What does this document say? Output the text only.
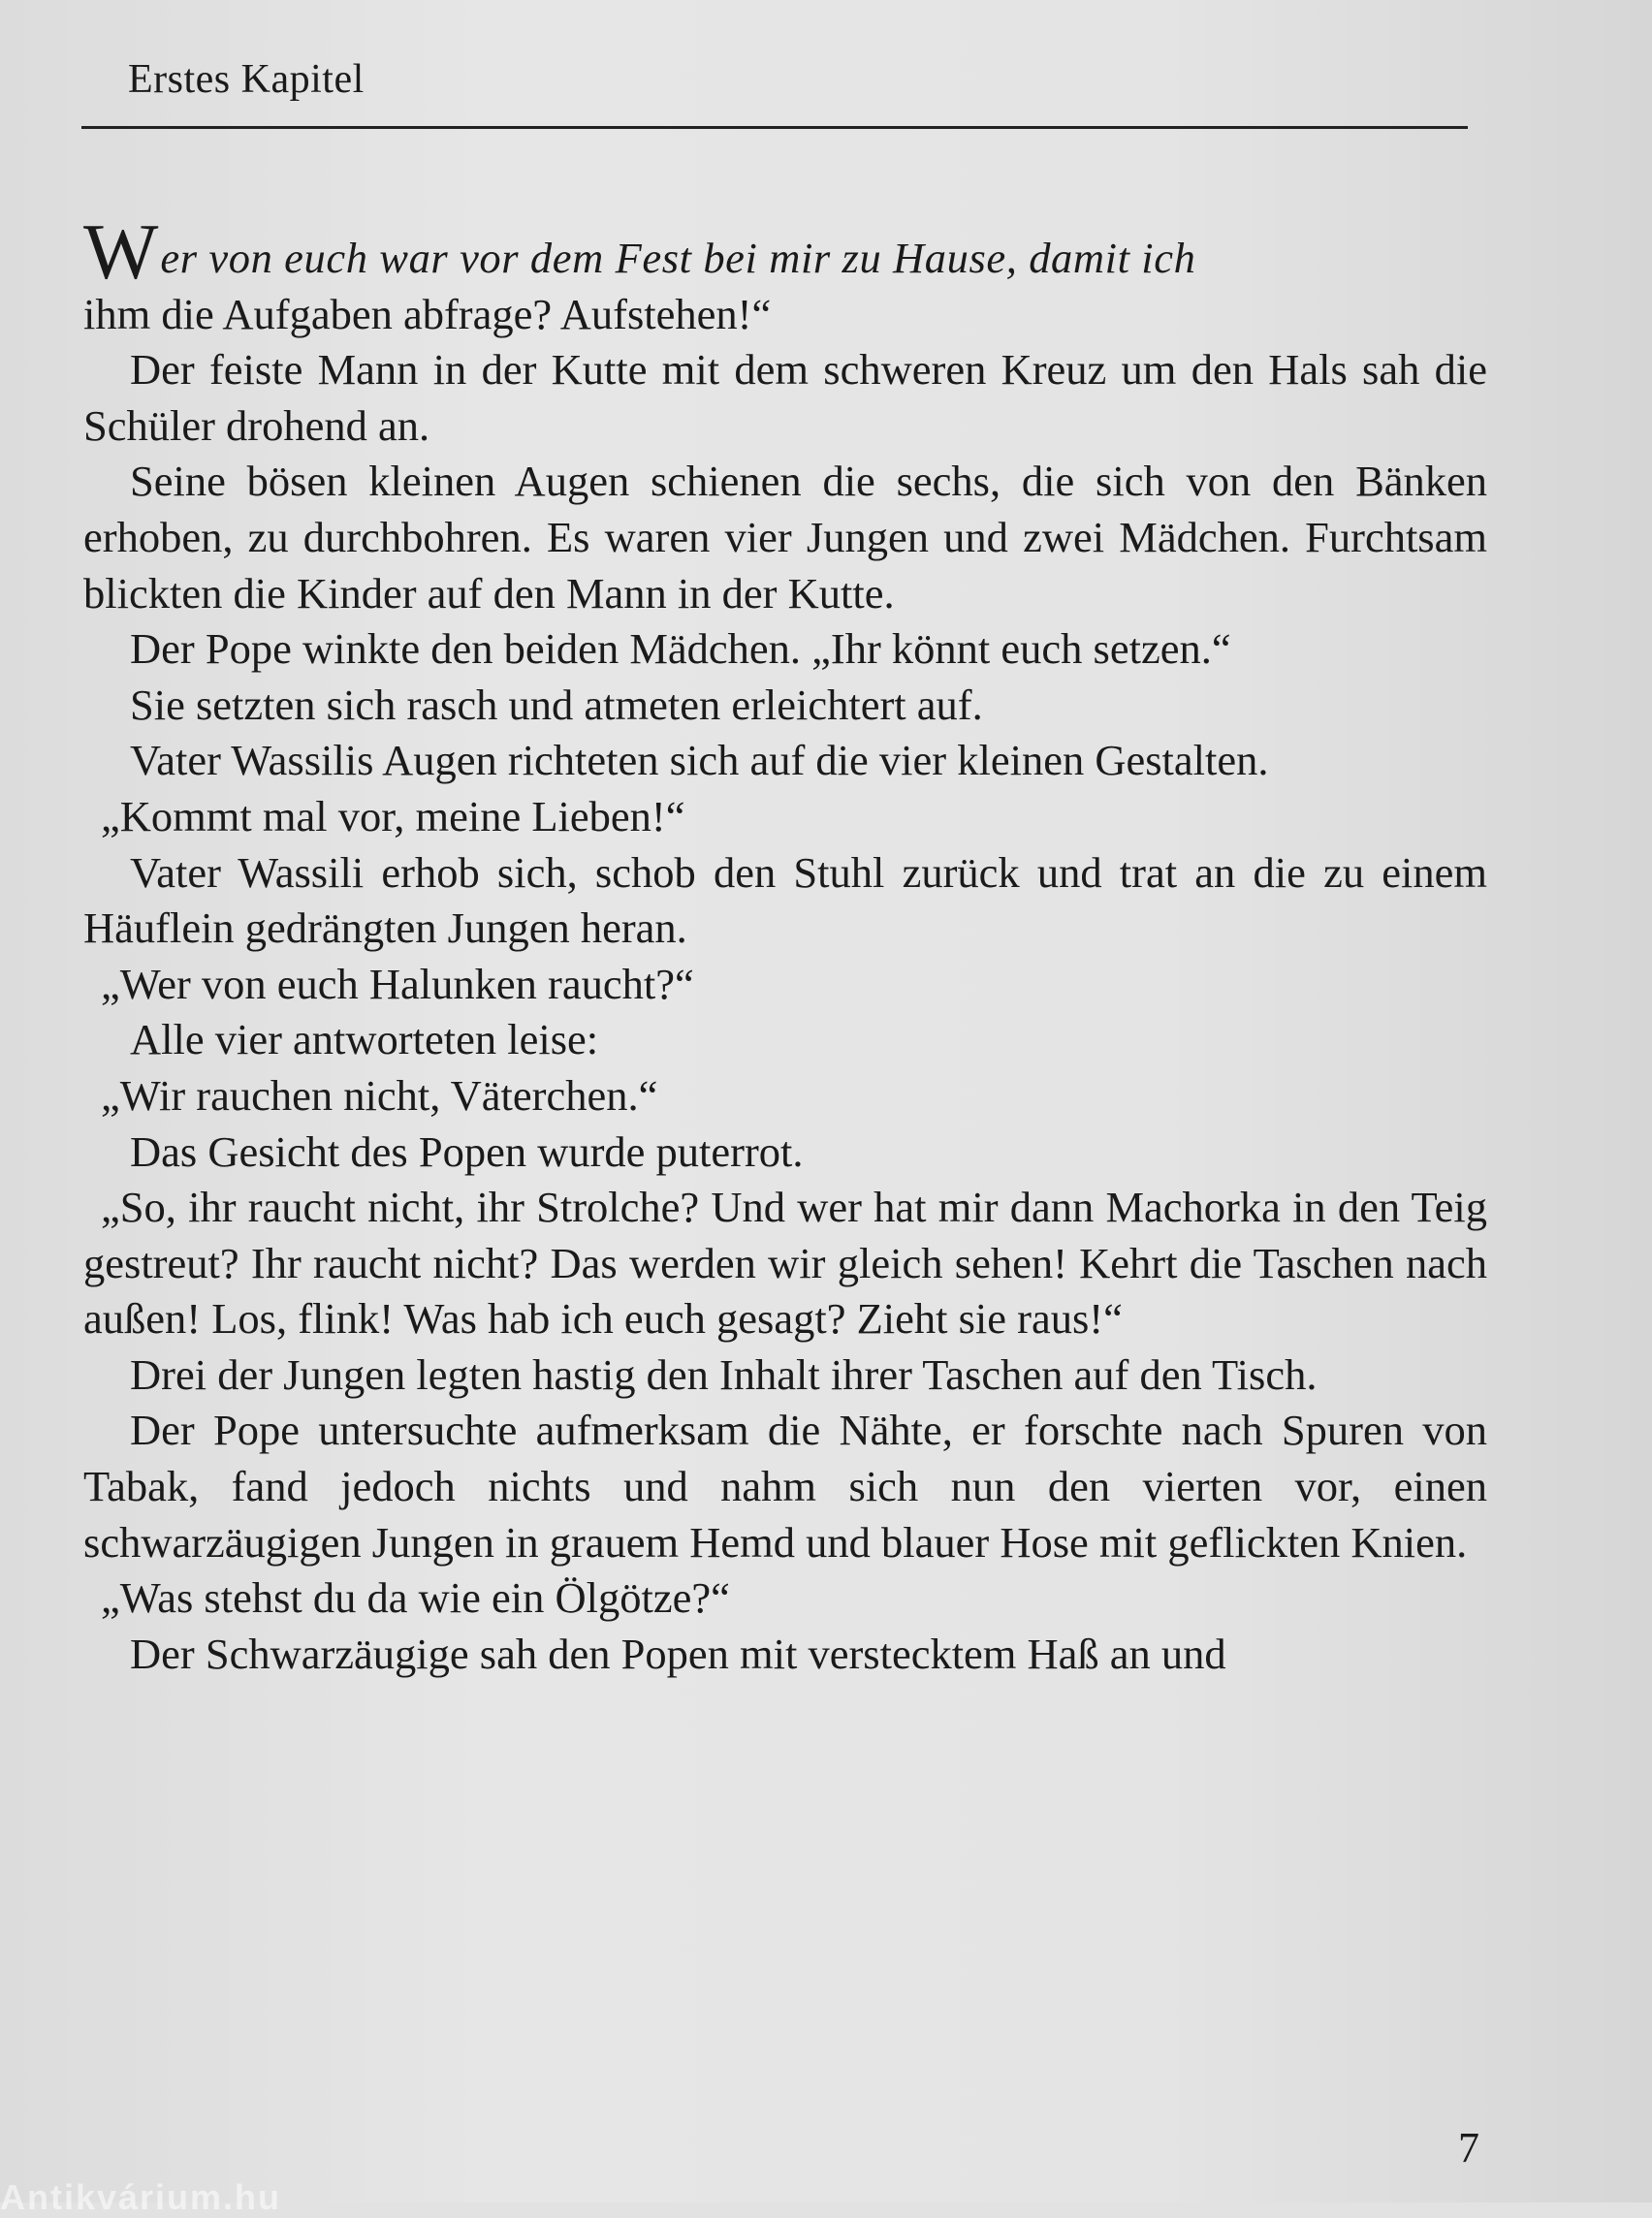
Erstes Kapitel

Wer von euch war vor dem Fest bei mir zu Hause, damit ich

ihm die Aufgaben abfrage? Aufstehen!“

Der feiste Mann in der Kutte mit dem schweren Kreuz um den Hals sah die Schüler drohend an.

Seine bösen kleinen Augen schienen die sechs, die sich von den Bänken erhoben, zu durchbohren. Es waren vier Jungen und zwei Mädchen. Furchtsam blickten die Kinder auf den Mann in der Kutte.

Der Pope winkte den beiden Mädchen. „Ihr könnt euch setzen.“

Sie setzten sich rasch und atmeten erleichtert auf.

Vater Wassilis Augen richteten sich auf die vier kleinen Gestalten.

„Kommt mal vor, meine Lieben!“

Vater Wassili erhob sich, schob den Stuhl zurück und trat an die zu einem Häuflein gedrängten Jungen heran.

„Wer von euch Halunken raucht?“

Alle vier antworteten leise:

„Wir rauchen nicht, Väterchen.“

Das Gesicht des Popen wurde puterrot.

„So, ihr raucht nicht, ihr Strolche? Und wer hat mir dann Machorka in den Teig gestreut? Ihr raucht nicht? Das werden wir gleich sehen! Kehrt die Taschen nach außen! Los, flink! Was hab ich euch gesagt? Zieht sie raus!“

Drei der Jungen legten hastig den Inhalt ihrer Taschen auf den Tisch.

Der Pope untersuchte aufmerksam die Nähte, er forschte nach Spuren von Tabak, fand jedoch nichts und nahm sich nun den vierten vor, einen schwarzäugigen Jungen in grauem Hemd und blauer Hose mit geflickten Knien.

„Was stehst du da wie ein Ölgötze?“

Der Schwarzäugige sah den Popen mit verstecktem Haß an und

7
Antikvárium.hu
